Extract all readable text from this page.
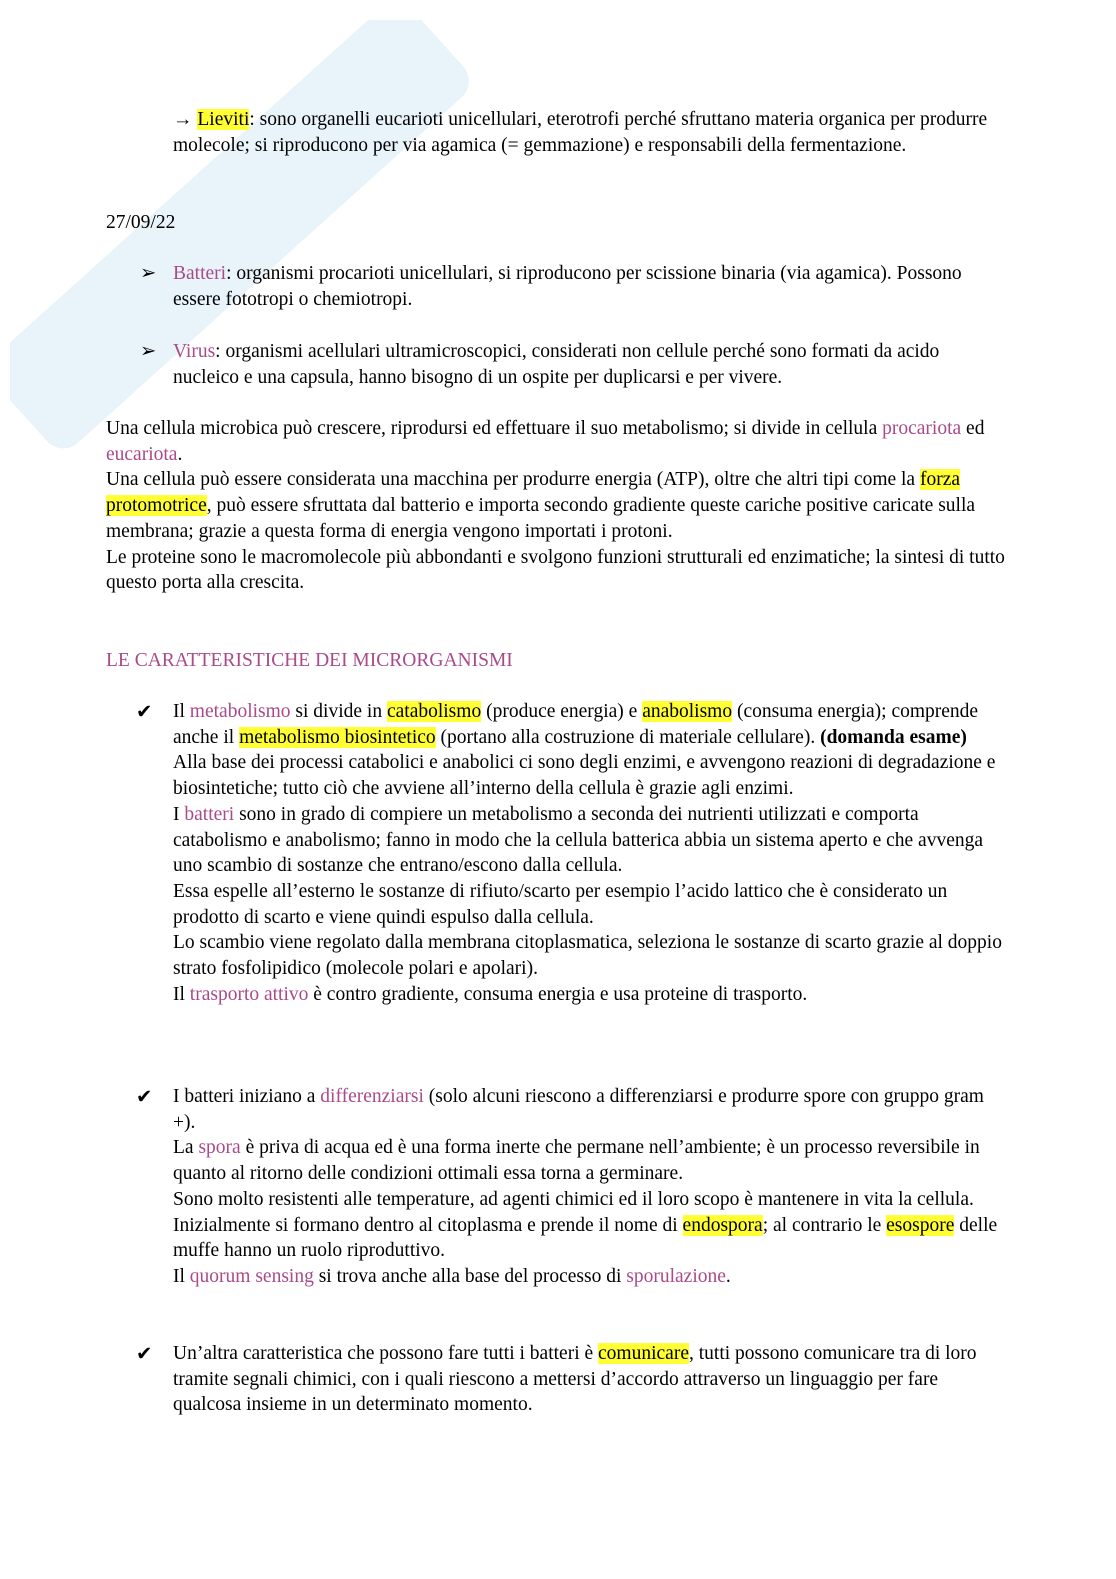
→ Lieviti: sono organelli eucarioti unicellulari, eterotrofi perché sfruttano materia organica per produrre molecole; si riproducono per via agamica (= gemmazione) e responsabili della fermentazione.
27/09/22
➢ Batteri: organismi procarioti unicellulari, si riproducono per scissione binaria (via agamica). Possono essere fototropi o chemiotropi.
➢ Virus: organismi acellulari ultramicroscopici, considerati non cellule perché sono formati da acido nucleico e una capsula, hanno bisogno di un ospite per duplicarsi e per vivere.

Una cellula microbica può crescere, riprodursi ed effettuare il suo metabolismo; si divide in cellula procariota ed eucariota.

Una cellula può essere considerata una macchina per produrre energia (ATP), oltre che altri tipi come la forza protomotrice, può essere sfruttata dal batterio e importa secondo gradiente queste cariche positive caricate sulla membrana; grazie a questa forma di energia vengono importati i protoni.

Le proteine sono le macromolecole più abbondanti e svolgono funzioni strutturali ed enzimatiche; la sintesi di tutto questo porta alla crescita.

LE CARATTERISTICHE DEI MICRORGANISMI
✔ Il metabolismo si divide in catabolismo (produce energia) e anabolismo (consuma energia); comprende anche il metabolismo biosintetico (portano alla costruzione di materiale cellulare). (domanda esame)

Alla base dei processi catabolici e anabolici ci sono degli enzimi, e avvengono reazioni di degradazione e biosintetiche; tutto ciò che avviene all’interno della cellula è grazie agli enzimi.

I batteri sono in grado di compiere un metabolismo a seconda dei nutrienti utilizzati e comporta catabolismo e anabolismo; fanno in modo che la cellula batterica abbia un sistema aperto e che avvenga uno scambio di sostanze che entrano/escono dalla cellula.

Essa espelle all’esterno le sostanze di rifiuto/scarto per esempio l’acido lattico che è considerato un prodotto di scarto e viene quindi espulso dalla cellula.

Lo scambio viene regolato dalla membrana citoplasmatica, seleziona le sostanze di scarto grazie al doppio strato fosfolipidico (molecole polari e apolari).

Il trasporto attivo è contro gradiente, consuma energia e usa proteine di trasporto.

✔ I batteri iniziano a differenziarsi (solo alcuni riescono a differenziarsi e produrre spore con gruppo gram +).

La spora è priva di acqua ed è una forma inerte che permane nell’ambiente; è un processo reversibile in quanto al ritorno delle condizioni ottimali essa torna a germinare.

Sono molto resistenti alle temperature, ad agenti chimici ed il loro scopo è mantenere in vita la cellula.

Inizialmente si formano dentro al citoplasma e prende il nome di endospora; al contrario le esospore delle muffe hanno un ruolo riproduttivo.

Il quorum sensing si trova anche alla base del processo di sporulazione.

✔ Un’altra caratteristica che possono fare tutti i batteri è comunicare, tutti possono comunicare tra di loro tramite segnali chimici, con i quali riescono a mettersi d’accordo attraverso un linguaggio per fare qualcosa insieme in un determinato momento.
